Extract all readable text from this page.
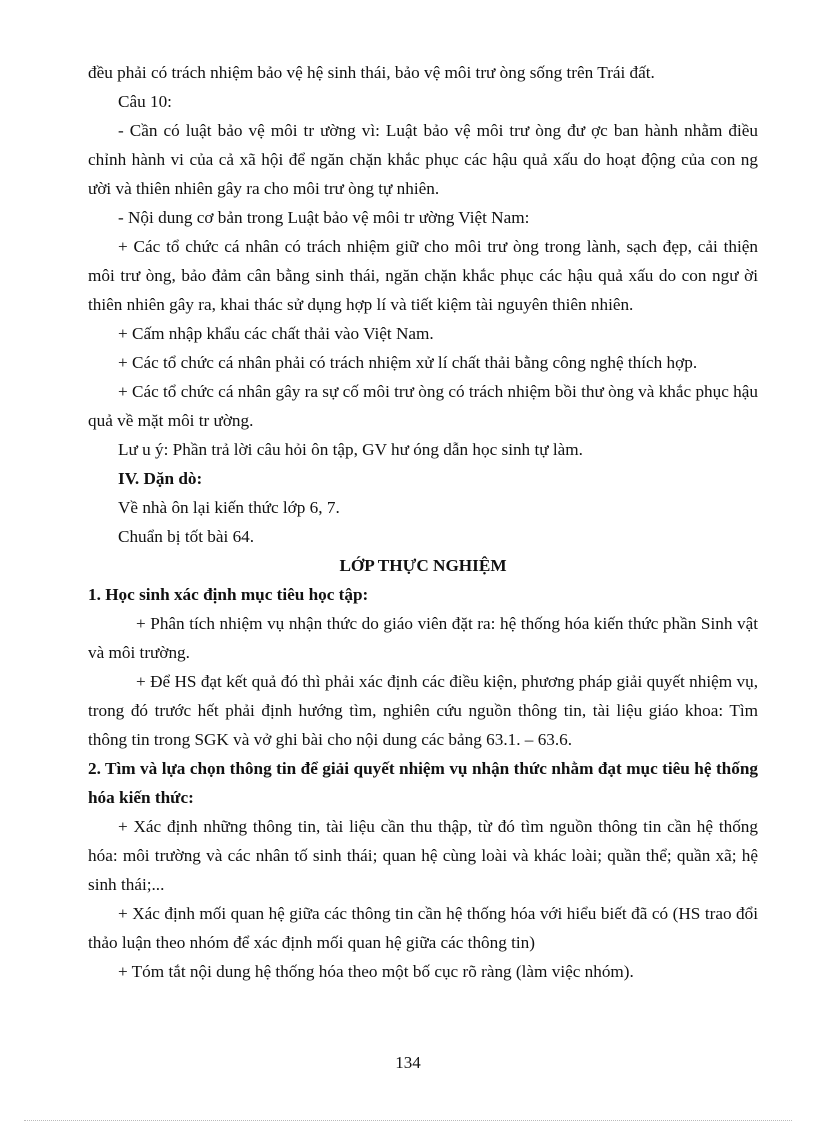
đều phải có trách nhiệm bảo vệ hệ sinh thái, bảo vệ môi trư òng sống trên Trái đất.

Câu 10:

- Cần có luật bảo vệ môi tr ường vì: Luật bảo vệ môi trư òng đư ợc ban hành nhằm điều chỉnh hành vi của cả xã hội để ngăn chặn khắc phục các hậu quả xấu do hoạt động của con ng ười và thiên nhiên gây ra cho môi trư òng tự nhiên.

- Nội dung cơ bản trong Luật bảo vệ môi tr ường Việt Nam:

+ Các tổ chức cá nhân có trách nhiệm giữ cho môi trư òng trong lành, sạch đẹp, cải thiện môi trư òng, bảo đảm cân bằng sinh thái, ngăn chặn khắc phục các hậu quả xấu do con ngư ời thiên nhiên gây ra, khai thác sử dụng hợp lí và tiết kiệm tài nguyên thiên nhiên.

+ Cấm nhập khẩu các chất thải vào Việt Nam.

+ Các tổ chức cá nhân phải có trách nhiệm xử lí chất thải bằng công nghệ thích hợp.

+ Các tổ chức cá nhân gây ra sự cố môi trư òng có trách nhiệm bồi thư òng và khắc phục hậu quả về mặt môi tr ường.

Lư u ý: Phần trả lời câu hỏi ôn tập, GV hư óng dẫn học sinh tự làm.

IV. Dặn dò:

Về nhà ôn lại kiến thức lớp 6, 7.

Chuẩn bị tốt bài 64.

LỚP THỰC NGHIỆM

1. Học sinh xác định mục tiêu học tập:

+ Phân tích nhiệm vụ nhận thức do giáo viên đặt ra: hệ thống hóa kiến thức phần Sinh vật và môi trường.

+ Để HS đạt kết quả đó thì phải xác định các điều kiện, phương pháp giải quyết nhiệm vụ, trong đó trước hết phải định hướng tìm, nghiên cứu nguồn thông tin, tài liệu giáo khoa: Tìm thông tin trong SGK và vở ghi bài cho nội dung các bảng 63.1. – 63.6.

2. Tìm và lựa chọn thông tin để giải quyết nhiệm vụ nhận thức nhằm đạt mục tiêu hệ thống hóa kiến thức:

+ Xác định những thông tin, tài liệu cần thu thập, từ đó tìm nguồn thông tin cần hệ thống hóa: môi trường và các nhân tố sinh thái; quan hệ cùng loài và khác loài; quần thể; quần xã; hệ sinh thái;...

+ Xác định mối quan hệ giữa các thông tin cần hệ thống hóa với hiểu biết đã có (HS trao đổi thảo luận theo nhóm để xác định mối quan hệ giữa các thông tin)

+ Tóm tắt nội dung hệ thống hóa theo một bố cục rõ ràng (làm việc nhóm).

134
